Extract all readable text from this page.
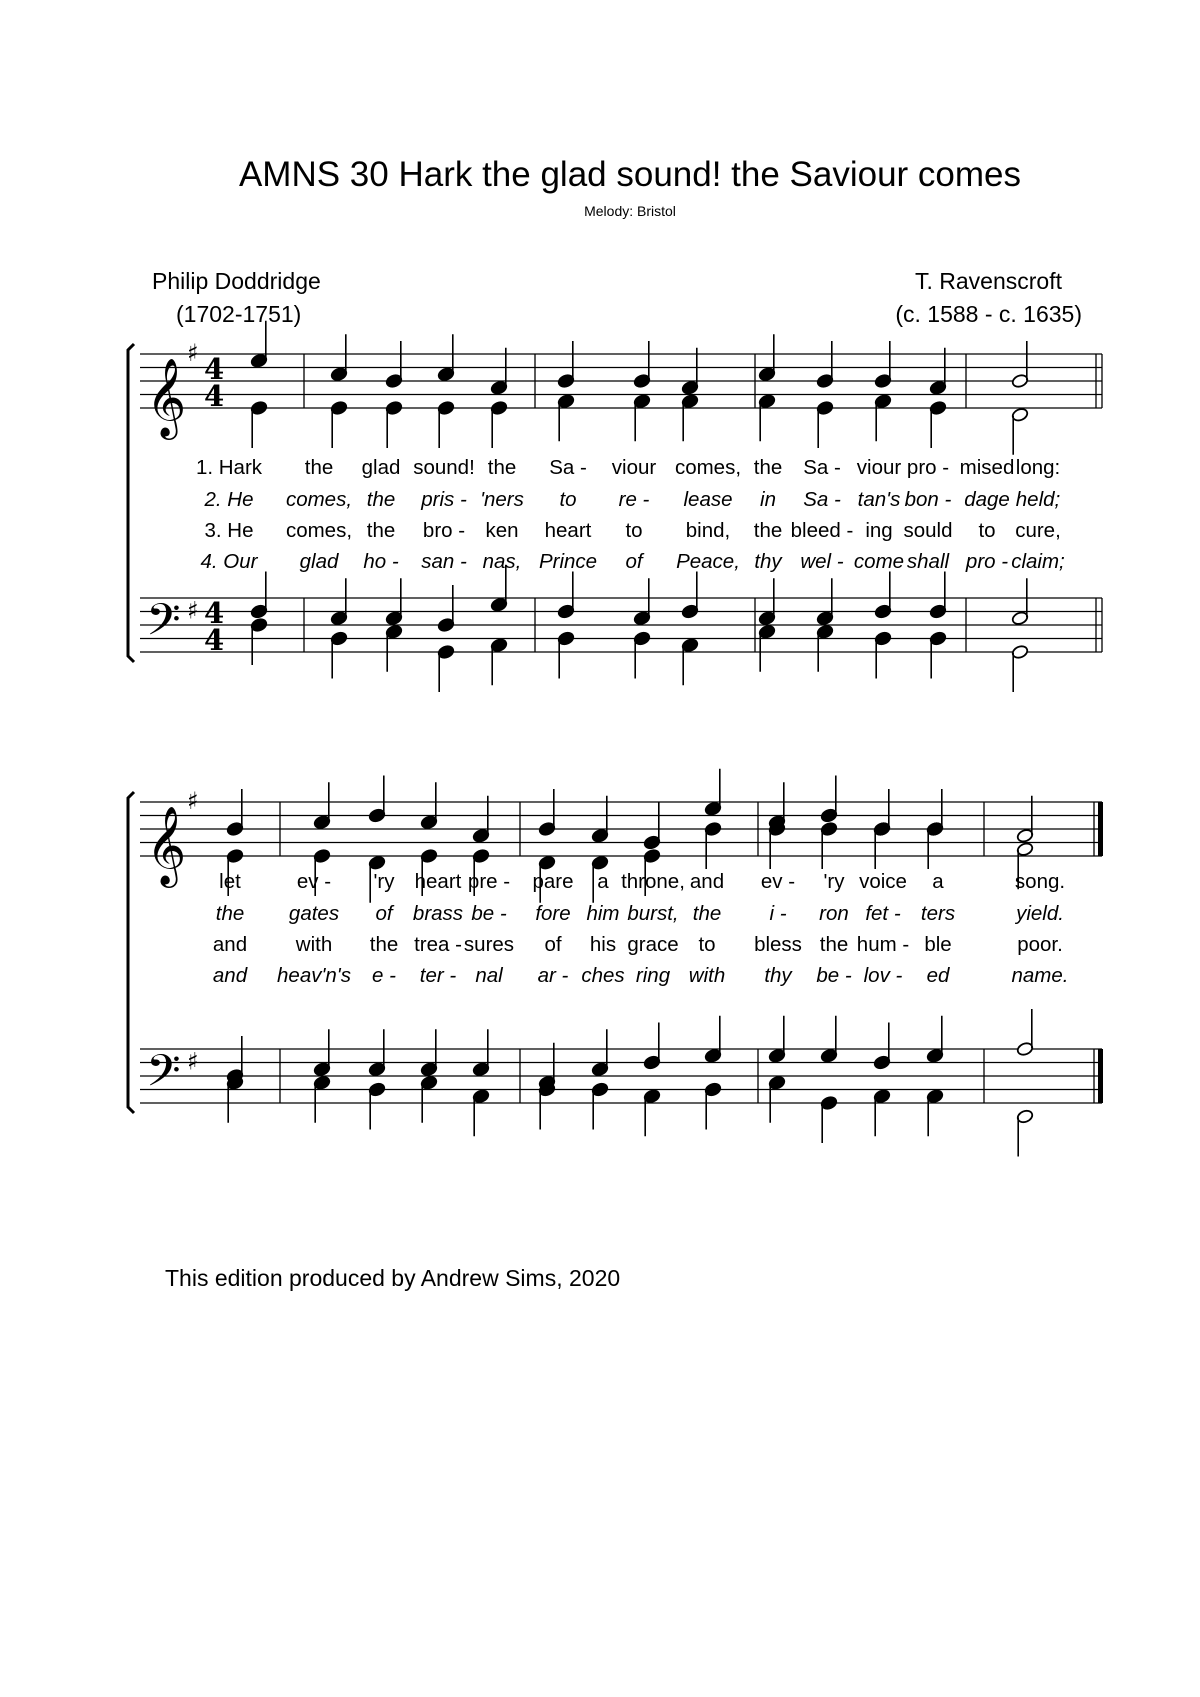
AMNS 30 Hark the glad sound! the Saviour comes
Melody: Bristol
Philip Doddridge
(1702-1751)
T. Ravenscroft
(c. 1588 - c. 1635)
𝄞
♯ 4
4
𝄢 ♯ 4
4
𝄞
♯
𝄢 ♯
1. Hark the glad sound! the Sa - viour comes, the Sa - viour pro - mised long:
2. He comes, the pris - 'ners to re - lease in Sa - tan's bon - dage held;
3. He comes, the bro - ken heart to bind, the bleed - ing sould to cure,
4. Our glad ho - san - nas, Prince of Peace, thy wel - come shall pro - claim;
let	ev - 'ry heart pre - pare a throne, and ev - 'ry voice a	song.
the gates of brass be - fore him burst, the i - ron fet - ters	yield.
and with the trea - sures of his grace to bless the hum - ble	poor.
and heav'n's e - ter - nal ar - ches ring with thy be - lov - ed	name.
This edition produced by Andrew Sims, 2020
